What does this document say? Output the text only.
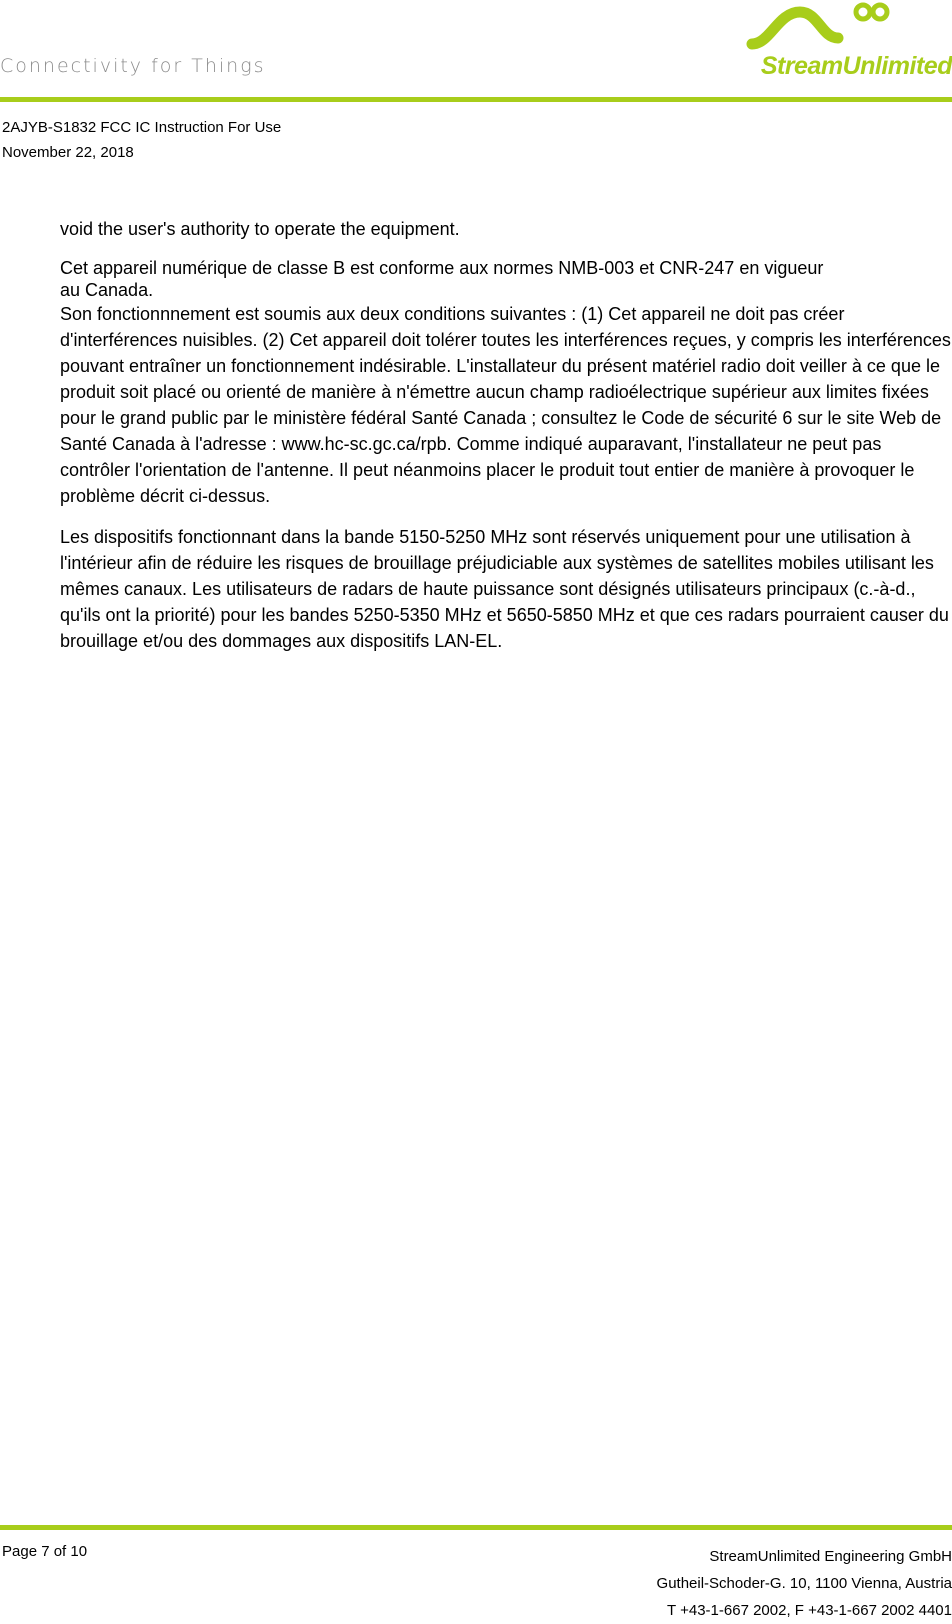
Connectivity for Things	StreamUnlimited
2AJYB-S1832 FCC IC Instruction For Use
November 22, 2018

void the user's authority to operate the equipment.

Cet appareil numérique de classe B est conforme aux normes NMB-003 et CNR-247 en vigueur

au Canada.

Son fonctionnnement est soumis aux deux conditions suivantes : (1) Cet appareil ne doit pas créer d'interférences nuisibles. (2) Cet appareil doit tolérer toutes les interférences reçues, y compris les interférences pouvant entraîner un fonctionnement indésirable. L'installateur du présent matériel radio doit veiller à ce que le produit soit placé ou orienté de manière à n'émettre aucun champ radioélectrique supérieur aux limites fixées pour le grand public par le ministère fédéral Santé Canada ; consultez le Code de sécurité 6 sur le site Web de Santé Canada à l'adresse : www.hc-sc.gc.ca/rpb. Comme indiqué auparavant, l'installateur ne peut pas contrôler l'orientation de l'antenne. Il peut néanmoins placer le produit tout entier de manière à provoquer le problème décrit ci-dessus.

Les dispositifs fonctionnant dans la bande 5150-5250 MHz sont réservés uniquement pour une utilisation à l'intérieur afin de réduire les risques de brouillage préjudiciable aux systèmes de satellites mobiles utilisant les mêmes canaux. Les utilisateurs de radars de haute puissance sont désignés utilisateurs principaux (c.-à-d., qu'ils ont la priorité) pour les bandes 5250-5350 MHz et 5650-5850 MHz et que ces radars pourraient causer du brouillage et/ou des dommages aux dispositifs LAN-EL.

Page 7 of 10	StreamUnlimited Engineering GmbH
Gutheil-Schoder-G. 10, 1100 Vienna, Austria
T +43-1-667 2002, F +43-1-667 2002 4401
